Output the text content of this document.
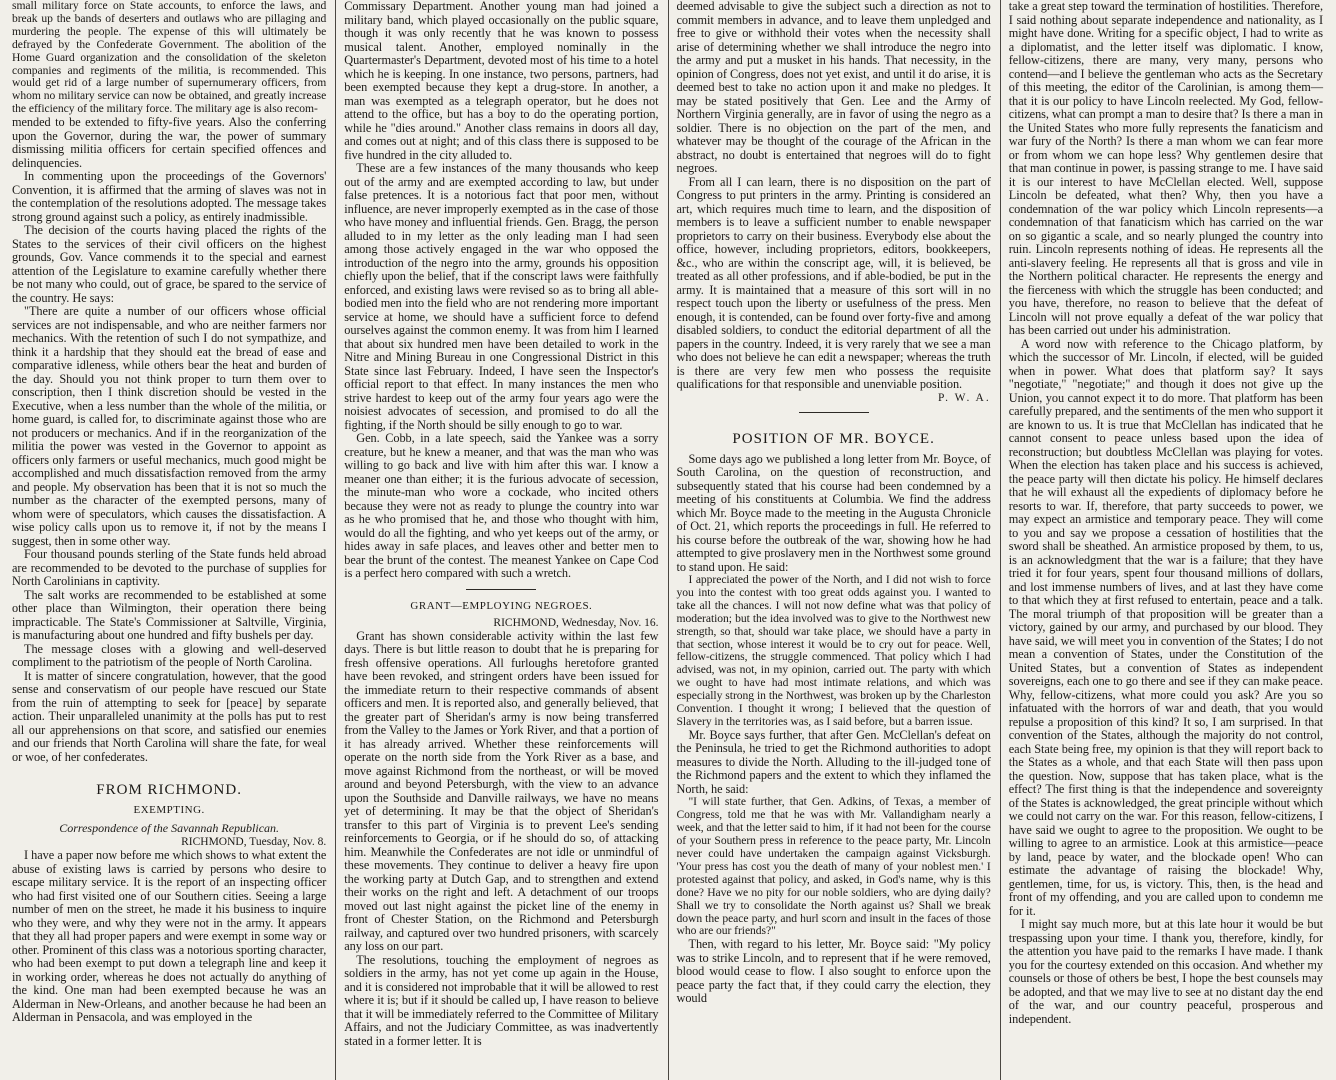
small military force on State accounts, to enforce the laws, and break up the bands of deserters and outlaws who are pillaging and murdering the people. The expense of this will ultimately be defrayed by the Confederate Government. The abolition of the Home Guard organization and the consolidation of the skeleton companies and regiments of the militia, is recommended. This would get rid of a large number of supernumerary officers, from whom no military service can now be obtained, and greatly increase the efficiency of the military force. The military age is also recom-

mended to be extended to fifty-five years. Also the conferring upon the Governor, during the war, the power of summary dismissing militia officers for certain specified offences and delinquencies.

In commenting upon the proceedings of the Governors' Convention, it is affirmed that the arming of slaves was not in the contemplation of the resolutions adopted. The message takes strong ground against such a policy, as entirely inadmissible.

The decision of the courts having placed the rights of the States to the services of their civil officers on the highest grounds, Gov. Vance commends it to the special and earnest attention of the Legislature to examine carefully whether there be not many who could, out of grace, be spared to the service of the country. He says:

"There are quite a number of our officers whose official services are not indispensable, and who are neither farmers nor mechanics. With the retention of such I do not sympathize, and think it a hardship that they should eat the bread of ease and comparative idleness, while others bear the heat and burden of the day. Should you not think proper to turn them over to conscription, then I think discretion should be vested in the Executive, when a less number than the whole of the militia, or home guard, is called for, to discriminate against those who are not producers or mechanics. And if in the reorganization of the militia the power was vested in the Governor to appoint as officers only farmers or useful mechanics, much good might be accomplished and much dissatisfaction removed from the army and people. My observation has been that it is not so much the number as the character of the exempted persons, many of whom were of speculators, which causes the dissatisfaction. A wise policy calls upon us to remove it, if not by the means I suggest, then in some other way.

Four thousand pounds sterling of the State funds held abroad are recommended to be devoted to the purchase of supplies for North Carolinians in captivity.

The salt works are recommended to be established at some other place than Wilmington, their operation there being impracticable. The State's Commissioner at Saltville, Virginia, is manufacturing about one hundred and fifty bushels per day.

The message closes with a glowing and well-deserved compliment to the patriotism of the people of North Carolina.

It is matter of sincere congratulation, however, that the good sense and conservatism of our people have rescued our State from the ruin of attempting to seek for [peace] by separate action. Their unparalleled unanimity at the polls has put to rest all our apprehensions on that score, and satisfied our enemies and our friends that North Carolina will share the fate, for weal or woe, of her confederates.

FROM RICHMOND.
EXEMPTING.
Correspondence of the Savannah Republican.
RICHMOND, Tuesday, Nov. 8.

I have a paper now before me which shows to what extent the abuse of existing laws is carried by persons who desire to escape military service. It is the report of an inspecting officer who had first visited one of our Southern cities. Seeing a large number of men on the street, he made it his business to inquire who they were, and why they were not in the army. It appears that they all had proper papers and were exempt in some way or other. Prominent of this class was a notorious sporting character, who had been exempt to put down a telegraph line and keep it in working order, whereas he does not actually do anything of the kind. One man had been exempted because he was an Alderman in New-Orleans, and another because he had been an Alderman in Pensacola, and was employed in the

Commissary Department. Another young man had joined a military band, which played occasionally on the public square, though it was only recently that he was known to possess musical talent. Another, employed nominally in the Quartermaster's Department, devoted most of his time to a hotel which he is keeping. In one instance, two persons, partners, had been exempted because they kept a drug-store. In another, a man was exempted as a telegraph operator, but he does not attend to the office, but has a boy to do the operating portion, while he "dies around." Another class remains in doors all day, and comes out at night; and of this class there is supposed to be five hundred in the city alluded to.

These are a few instances of the many thousands who keep out of the army and are exempted according to law, but under false pretences. It is a notorious fact that poor men, without influence, are never improperly exempted as in the case of those who have money and influential friends. Gen. Bragg, the person alluded to in my letter as the only leading man I had seen among those actively engaged in the war who opposed the introduction of the negro into the army, grounds his opposition chiefly upon the belief, that if the conscript laws were faithfully enforced, and existing laws were revised so as to bring all able-bodied men into the field who are not rendering more important service at home, we should have a sufficient force to defend ourselves against the common enemy. It was from him I learned that about six hundred men have been detailed to work in the Nitre and Mining Bureau in one Congressional District in this State since last February. Indeed, I have seen the Inspector's official report to that effect. In many instances the men who strive hardest to keep out of the army four years ago were the noisiest advocates of secession, and promised to do all the fighting, if the North should be silly enough to go to war.

Gen. Cobb, in a late speech, said the Yankee was a sorry creature, but he knew a meaner, and that was the man who was willing to go back and live with him after this war. I know a meaner one than either; it is the furious advocate of secession, the minute-man who wore a cockade, who incited others because they were not as ready to plunge the country into war as he who promised that he, and those who thought with him, would do all the fighting, and who yet keeps out of the army, or hides away in safe places, and leaves other and better men to bear the brunt of the contest. The meanest Yankee on Cape Cod is a perfect hero compared with such a wretch.

GRANT—EMPLOYING NEGROES.
RICHMOND, Wednesday, Nov. 16.

Grant has shown considerable activity within the last few days. There is but little reason to doubt that he is preparing for fresh offensive operations. All furloughs heretofore granted have been revoked, and stringent orders have been issued for the immediate return to their respective commands of absent officers and men. It is reported also, and generally believed, that the greater part of Sheridan's army is now being transferred from the Valley to the James or York River, and that a portion of it has already arrived. Whether these reinforcements will operate on the north side from the York River as a base, and move against Richmond from the northeast, or will be moved around and beyond Petersburgh, with the view to an advance upon the Southside and Danville railways, we have no means yet of determining. It may be that the object of Sheridan's transfer to this part of Virginia is to prevent Lee's sending reinforcements to Georgia, or if he should do so, of attacking him. Meanwhile the Confederates are not idle or unmindful of these movements. They continue to deliver a heavy fire upon the working party at Dutch Gap, and to strengthen and extend their works on the right and left. A detachment of our troops moved out last night against the picket line of the enemy in front of Chester Station, on the Richmond and Petersburgh railway, and captured over two hundred prisoners, with scarcely any loss on our part.

The resolutions, touching the employment of negroes as soldiers in the army, has not yet come up again in the House, and it is considered not improbable that it will be allowed to rest where it is; but if it should be called up, I have reason to believe that it will be immediately referred to the Committee of Military Affairs, and not the Judiciary Committee, as was inadvertently stated in a former letter. It is

deemed advisable to give the subject such a direction as not to commit members in advance, and to leave them unpledged and free to give or withhold their votes when the necessity shall arise of determining whether we shall introduce the negro into the army and put a musket in his hands. That necessity, in the opinion of Congress, does not yet exist, and until it do arise, it is deemed best to take no action upon it and make no pledges. It may be stated positively that Gen. Lee and the Army of Northern Virginia generally, are in favor of using the negro as a soldier. There is no objection on the part of the men, and whatever may be thought of the courage of the African in the abstract, no doubt is entertained that negroes will do to fight negroes.

From all I can learn, there is no disposition on the part of Congress to put printers in the army. Printing is considered an art, which requires much time to learn, and the disposition of members is to leave a sufficient number to enable newspaper proprietors to carry on their business. Everybody else about the office, however, including proprietors, editors, bookkeepers, &c., who are within the conscript age, will, it is believed, be treated as all other professions, and if able-bodied, be put in the army. It is maintained that a measure of this sort will in no respect touch upon the liberty or usefulness of the press. Men enough, it is contended, can be found over forty-five and among disabled soldiers, to conduct the editorial department of all the papers in the country. Indeed, it is very rarely that we see a man who does not believe he can edit a newspaper; whereas the truth is there are very few men who possess the requisite qualifications for that responsible and unenviable position.

P. W. A.
POSITION OF MR. BOYCE.

Some days ago we published a long letter from Mr. Boyce, of South Carolina, on the question of reconstruction, and subsequently stated that his course had been condemned by a meeting of his constituents at Columbia. We find the address which Mr. Boyce made to the meeting in the Augusta Chronicle of Oct. 21, which reports the proceedings in full. He referred to his course before the outbreak of the war, showing how he had attempted to give proslavery men in the Northwest some ground to stand upon. He said:

I appreciated the power of the North, and I did not wish to force you into the contest with too great odds against you. I wanted to take all the chances. I will not now define what was that policy of moderation; but the idea involved was to give to the Northwest new strength, so that, should war take place, we should have a party in that section, whose interest it would be to cry out for peace. Well, fellow-citizens, the struggle commenced. That policy which I had advised, was not, in my opinion, carried out. The party with which we ought to have had most intimate relations, and which was especially strong in the Northwest, was broken up by the Charleston Convention. I thought it wrong; I believed that the question of Slavery in the territories was, as I said before, but a barren issue.

Mr. Boyce says further, that after Gen. McClellan's defeat on the Peninsula, he tried to get the Richmond authorities to adopt measures to divide the North. Alluding to the ill-judged tone of the Richmond papers and the extent to which they inflamed the North, he said:

"I will state further, that Gen. Adkins, of Texas, a member of Congress, told me that he was with Mr. Vallandigham nearly a week, and that the letter said to him, if it had not been for the course of your Southern press in reference to the peace party, Mr. Lincoln never could have undertaken the campaign against Vicksburgh. 'Your press has cost you the death of many of your noblest men.' I protested against that policy, and asked, in God's name, why is this done? Have we no pity for our noble soldiers, who are dying daily? Shall we try to consolidate the North against us? Shall we break down the peace party, and hurl scorn and insult in the faces of those who are our friends?"

Then, with regard to his letter, Mr. Boyce said: "My policy was to strike Lincoln, and to represent that if he were removed, blood would cease to flow. I also sought to enforce upon the peace party the fact that, if they could carry the election, they would

take a great step toward the termination of hostilities. Therefore, I said nothing about separate independence and nationality, as I might have done. Writing for a specific object, I had to write as a diplomatist, and the letter itself was diplomatic. I know, fellow-citizens, there are many, very many, persons who contend—and I believe the gentleman who acts as the Secretary of this meeting, the editor of the Carolinian, is among them—that it is our policy to have Lincoln reelected. My God, fellow-citizens, what can prompt a man to desire that? Is there a man in the United States who more fully represents the fanaticism and war fury of the North? Is there a man whom we can fear more or from whom we can hope less? Why gentlemen desire that that man continue in power, is passing strange to me. I have said it is our interest to have McClellan elected. Well, suppose Lincoln be defeated, what then? Why, then you have a condemnation of the war policy which Lincoln represents—a condemnation of that fanaticism which has carried on the war on so gigantic a scale, and so nearly plunged the country into ruin. Lincoln represents nothing of ideas. He represents all the anti-slavery feeling. He represents all that is gross and vile in the Northern political character. He represents the energy and the fierceness with which the struggle has been conducted; and you have, therefore, no reason to believe that the defeat of Lincoln will not prove equally a defeat of the war policy that has been carried out under his administration.

A word now with reference to the Chicago platform, by which the successor of Mr. Lincoln, if elected, will be guided when in power. What does that platform say? It says "negotiate," "negotiate;" and though it does not give up the Union, you cannot expect it to do more. That platform has been carefully prepared, and the sentiments of the men who support it are known to us. It is true that McClellan has indicated that he cannot consent to peace unless based upon the idea of reconstruction; but doubtless McClellan was playing for votes. When the election has taken place and his success is achieved, the peace party will then dictate his policy. He himself declares that he will exhaust all the expedients of diplomacy before he resorts to war. If, therefore, that party succeeds to power, we may expect an armistice and temporary peace. They will come to you and say we propose a cessation of hostilities that the sword shall be sheathed. An armistice proposed by them, to us, is an acknowledgment that the war is a failure; that they have tried it for four years, spent four thousand millions of dollars, and lost immense numbers of lives, and at last they have come to that which they at first refused to entertain, peace and a talk. The moral triumph of that proposition will be greater than a victory, gained by our army, and purchased by our blood. They have said, we will meet you in convention of the States; I do not mean a convention of States, under the Constitution of the United States, but a convention of States as independent sovereigns, each one to go there and see if they can make peace. Why, fellow-citizens, what more could you ask? Are you so infatuated with the horrors of war and death, that you would repulse a proposition of this kind? It so, I am surprised. In that convention of the States, although the majority do not control, each State being free, my opinion is that they will report back to the States as a whole, and that each State will then pass upon the question. Now, suppose that has taken place, what is the effect? The first thing is that the independence and sovereignty of the States is acknowledged, the great principle without which we could not carry on the war. For this reason, fellow-citizens, I have said we ought to agree to the proposition. We ought to be willing to agree to an armistice. Look at this armistice—peace by land, peace by water, and the blockade open! Who can estimate the advantage of raising the blockade! Why, gentlemen, time, for us, is victory. This, then, is the head and front of my offending, and you are called upon to condemn me for it.

I might say much more, but at this late hour it would be but trespassing upon your time. I thank you, therefore, kindly, for the attention you have paid to the remarks I have made. I thank you for the courtesy extended on this occasion. And whether my counsels or those of others be best, I hope the best counsels may be adopted, and that we may live to see at no distant day the end of the war, and our country peaceful, prosperous and independent.
